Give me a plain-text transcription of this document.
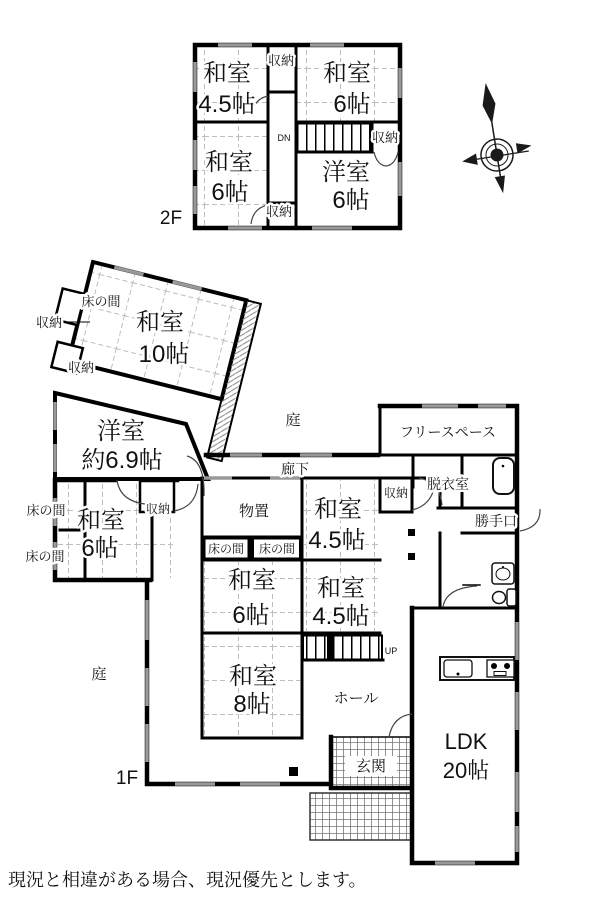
和室
4.5帖
和室
6帖
和室
6帖
洋室
6帖
収納
収納
収納
DN
2F
床の間
収納
収納
和室
10帖
洋室
約6.9帖
庭
廊下
フリースペース
脱衣室
勝手口
収納
収納
床の間
床の間
和室
6帖
物置
床の間 床の間
和室
6帖
和室
4.5帖
和室
4.5帖
和室
8帖	ホール
玄関
LDK
20帖
UP
庭
1F
現況と相違がある場合、現況優先とします。
